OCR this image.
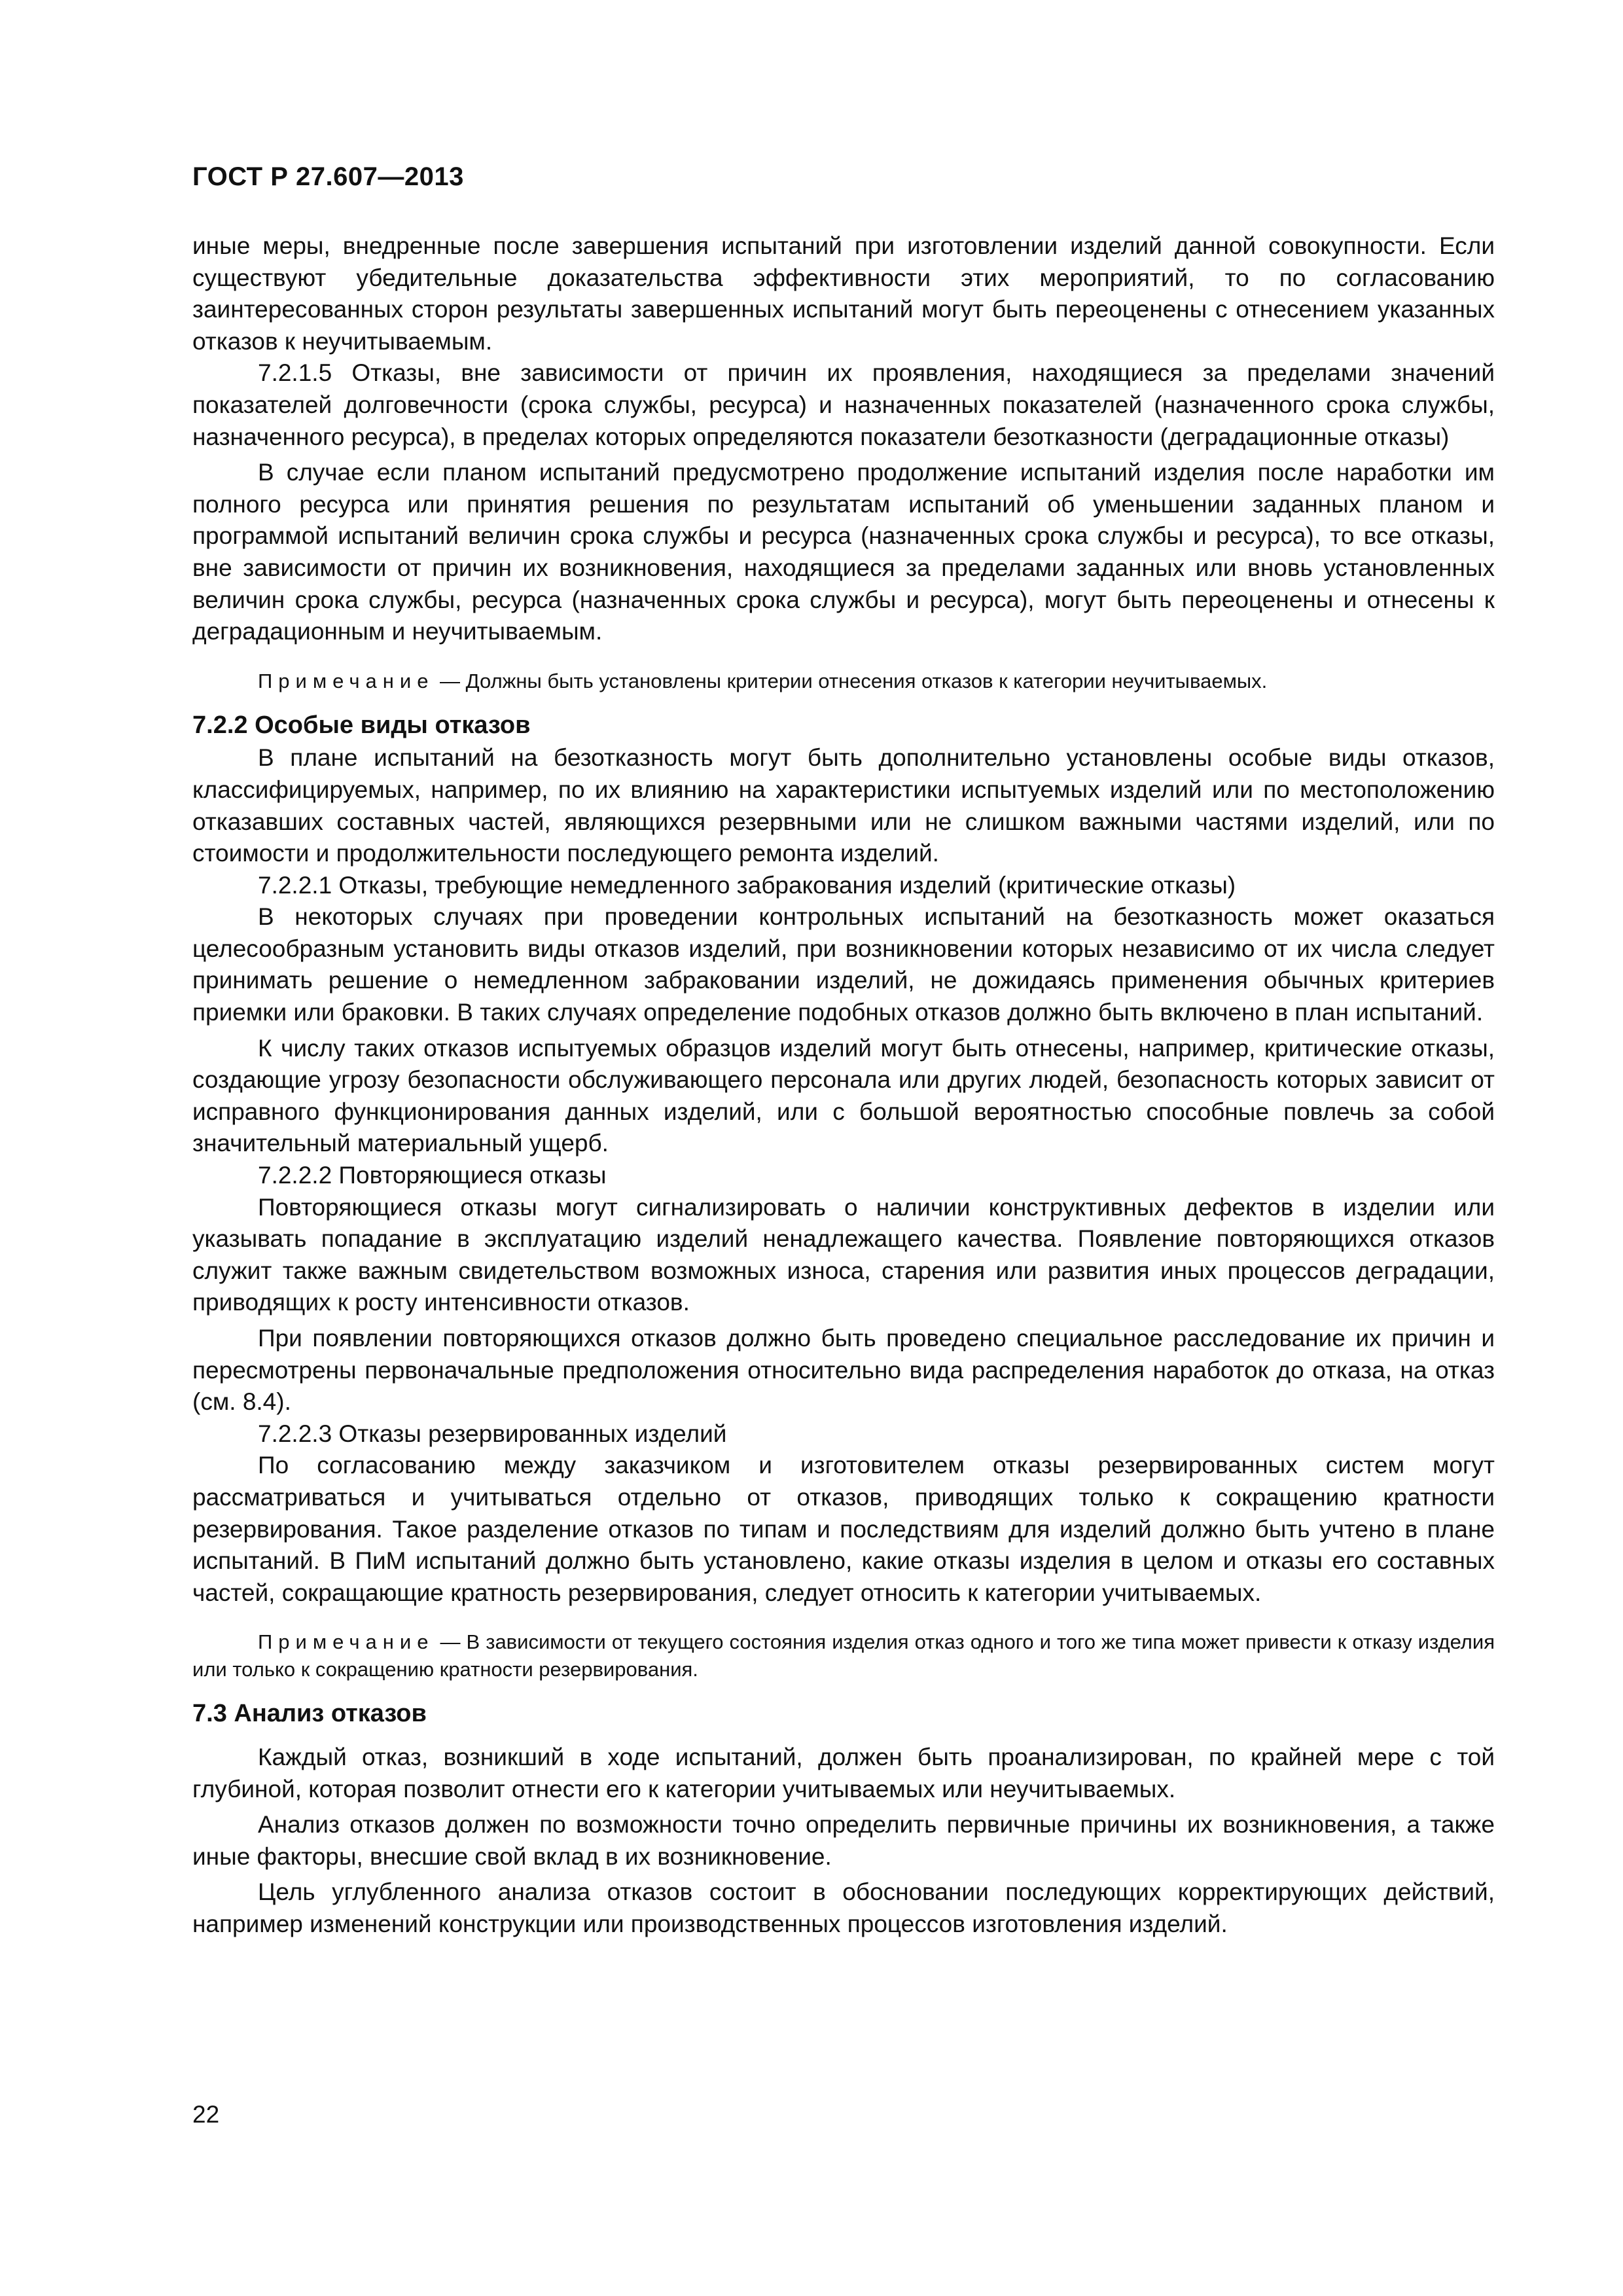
ГОСТ Р 27.607—2013

иные меры, внедренные после завершения испытаний при изготовлении изделий данной совокупности. Если существуют убедительные доказательства эффективности этих мероприятий, то по согласованию заинтересованных сторон результаты завершенных испытаний могут быть переоценены с отнесением указанных отказов к неучитываемым.

7.2.1.5 Отказы, вне зависимости от причин их проявления, находящиеся за пределами значений показателей долговечности (срока службы, ресурса) и назначенных показателей (назначенного срока службы, назначенного ресурса), в пределах которых определяются показатели безотказности (деградационные отказы)

В случае если планом испытаний предусмотрено продолжение испытаний изделия после наработки им полного ресурса или принятия решения по результатам испытаний об уменьшении заданных планом и программой испытаний величин срока службы и ресурса (назначенных срока службы и ресурса), то все отказы, вне зависимости от причин их возникновения, находящиеся за пределами заданных или вновь установленных величин срока службы, ресурса (назначенных срока службы и ресурса), могут быть переоценены и отнесены к деградационным и неучитываемым.

Примечание — Должны быть установлены критерии отнесения отказов к категории неучитываемых.

7.2.2 Особые виды отказов

В плане испытаний на безотказность могут быть дополнительно установлены особые виды отказов, классифицируемых, например, по их влиянию на характеристики испытуемых изделий или по местоположению отказавших составных частей, являющихся резервными или не слишком важными частями изделий, или по стоимости и продолжительности последующего ремонта изделий.

7.2.2.1 Отказы, требующие немедленного забракования изделий (критические отказы)

В некоторых случаях при проведении контрольных испытаний на безотказность может оказаться целесообразным установить виды отказов изделий, при возникновении которых независимо от их числа следует принимать решение о немедленном забраковании изделий, не дожидаясь применения обычных критериев приемки или браковки. В таких случаях определение подобных отказов должно быть включено в план испытаний.

К числу таких отказов испытуемых образцов изделий могут быть отнесены, например, критические отказы, создающие угрозу безопасности обслуживающего персонала или других людей, безопасность которых зависит от исправного функционирования данных изделий, или с большой вероятностью способные повлечь за собой значительный материальный ущерб.

7.2.2.2 Повторяющиеся отказы

Повторяющиеся отказы могут сигнализировать о наличии конструктивных дефектов в изделии или указывать попадание в эксплуатацию изделий ненадлежащего качества. Появление повторяющихся отказов служит также важным свидетельством возможных износа, старения или развития иных процессов деградации, приводящих к росту интенсивности отказов.

При появлении повторяющихся отказов должно быть проведено специальное расследование их причин и пересмотрены первоначальные предположения относительно вида распределения наработок до отказа, на отказ (см. 8.4).

7.2.2.3 Отказы резервированных изделий

По согласованию между заказчиком и изготовителем отказы резервированных систем могут рассматриваться и учитываться отдельно от отказов, приводящих только к сокращению кратности резервирования. Такое разделение отказов по типам и последствиям для изделий должно быть учтено в плане испытаний. В ПиМ испытаний должно быть установлено, какие отказы изделия в целом и отказы его составных частей, сокращающие кратность резервирования, следует относить к категории учитываемых.

Примечание — В зависимости от текущего состояния изделия отказ одного и того же типа может привести к отказу изделия или только к сокращению кратности резервирования.

7.3 Анализ отказов

Каждый отказ, возникший в ходе испытаний, должен быть проанализирован, по крайней мере с той глубиной, которая позволит отнести его к категории учитываемых или неучитываемых.

Анализ отказов должен по возможности точно определить первичные причины их возникновения, а также иные факторы, внесшие свой вклад в их возникновение.

Цель углубленного анализа отказов состоит в обосновании последующих корректирующих действий, например изменений конструкции или производственных процессов изготовления изделий.

22
